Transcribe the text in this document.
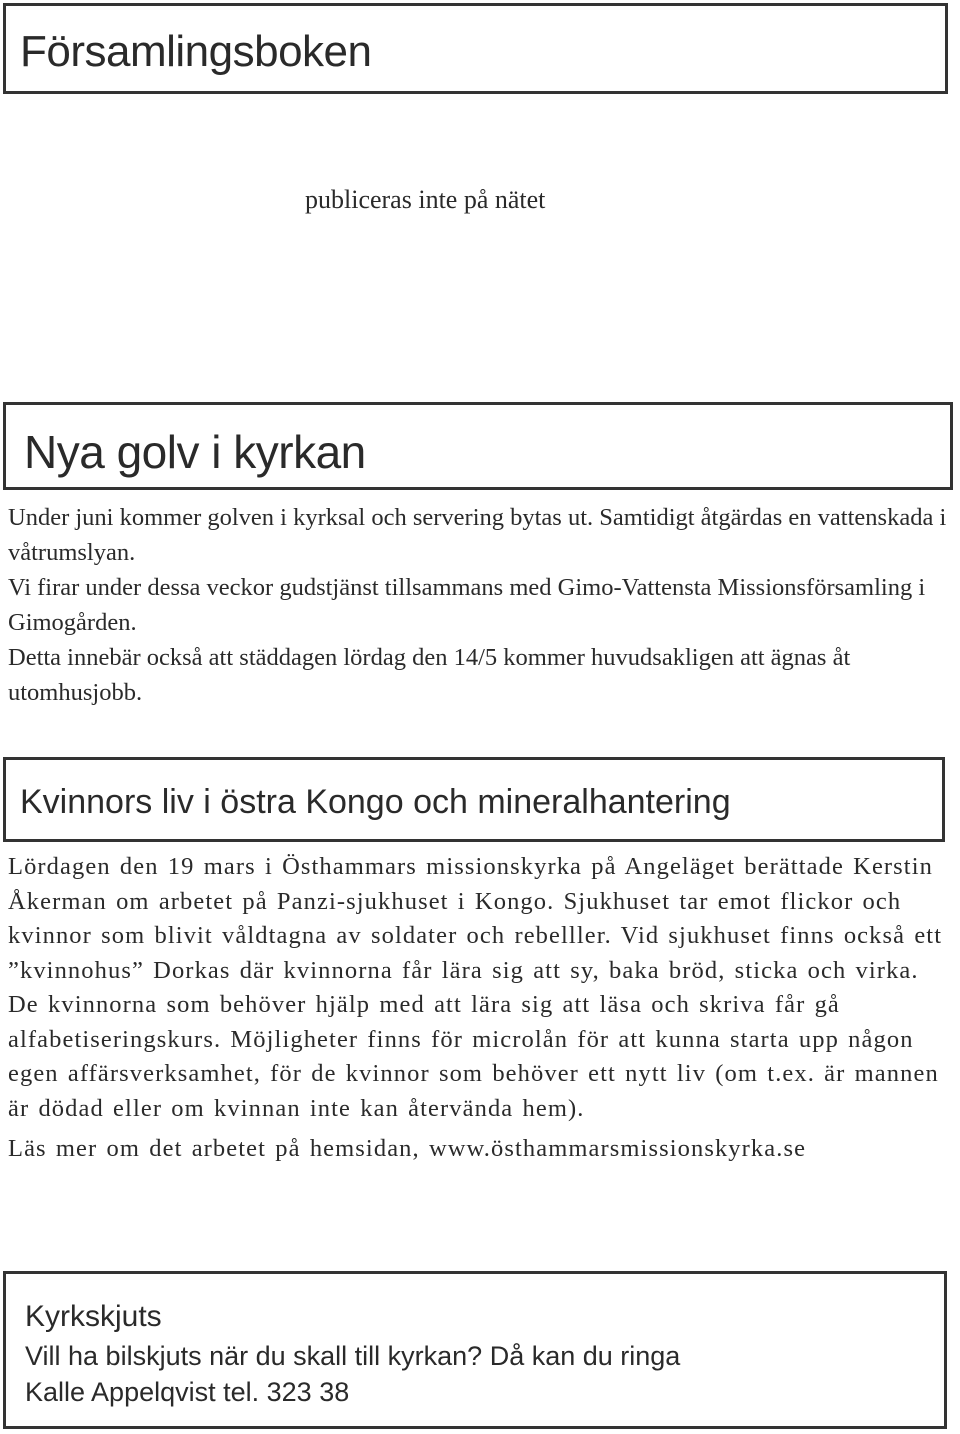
Församlingsboken
publiceras inte på nätet
Nya golv i kyrkan

Under juni kommer golven i kyrksal och servering bytas ut. Samtidigt åtgärdas en vattenskada i våtrumslyan.

Vi firar under dessa veckor gudstjänst tillsammans med Gimo-Vattensta Missionsförsamling i Gimogården.

Detta innebär också att städdagen lördag den 14/5 kommer huvudsakligen att ägnas åt utomhusjobb.

Kvinnors liv i östra Kongo och mineralhantering

Lördagen den 19 mars i Östhammars missionskyrka på Angeläget berättade Kerstin Åkerman om arbetet på Panzi-sjukhuset i Kongo. Sjukhuset tar emot flickor och kvinnor som blivit våldtagna av soldater och rebelller. Vid sjukhuset finns också ett ”kvinnohus” Dorkas där kvinnorna får lära sig att sy, baka bröd, sticka och virka. De kvinnorna som behöver hjälp med att lära sig att läsa och skriva får gå alfabetiseringskurs. Möjligheter finns för microlån för att kunna starta upp någon egen affärsverksamhet, för de kvinnor som behöver ett nytt liv (om t.ex. är mannen är dödad eller om kvinnan inte kan återvända hem).

Läs mer om det arbetet på hemsidan, www.östhammarsmissionskyrka.se

Kyrkskjuts
Vill ha bilskjuts när du skall till kyrkan? Då kan du ringa
Kalle Appelqvist tel. 323 38
